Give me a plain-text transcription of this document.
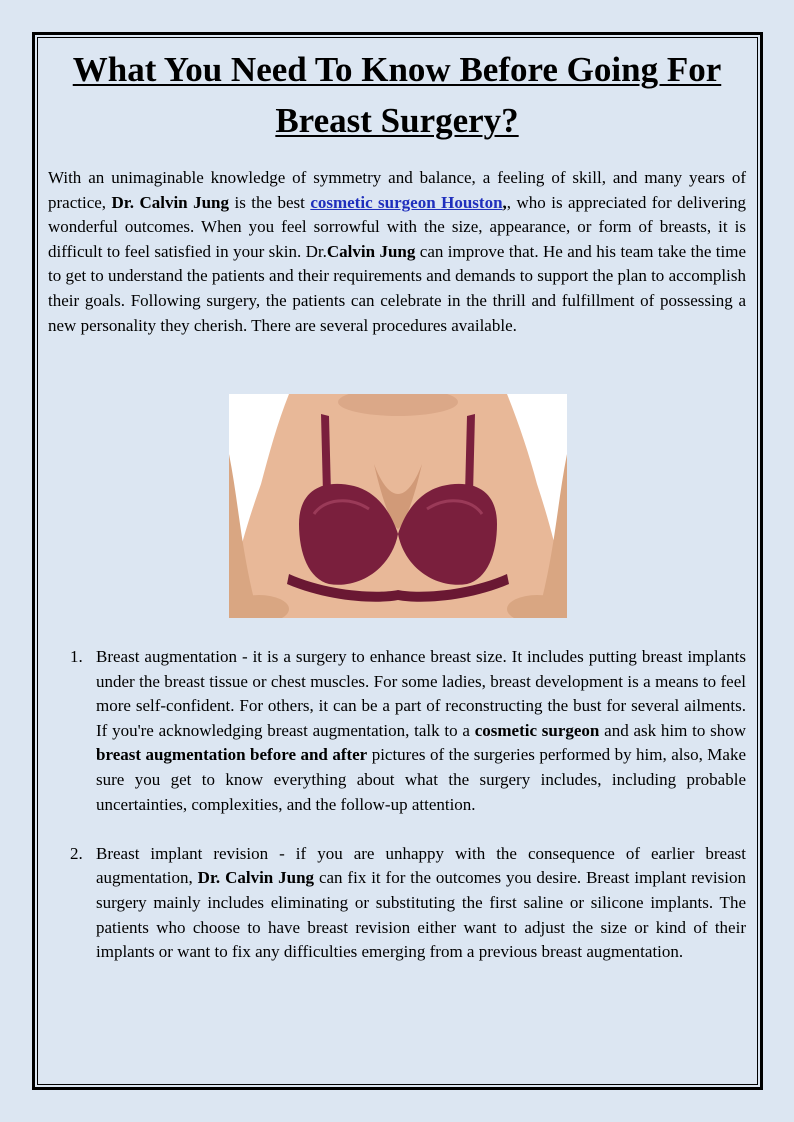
What You Need To Know Before Going For Breast Surgery?
With an unimaginable knowledge of symmetry and balance, a feeling of skill, and many years of practice, Dr. Calvin Jung is the best cosmetic surgeon Houston,, who is appreciated for delivering wonderful outcomes. When you feel sorrowful with the size, appearance, or form of breasts, it is difficult to feel satisfied in your skin. Dr.Calvin Jung can improve that. He and his team take the time to get to understand the patients and their requirements and demands to support the plan to accomplish their goals. Following surgery, the patients can celebrate in the thrill and fulfillment of possessing a new personality they cherish. There are several procedures available.
1. Breast augmentation - it is a surgery to enhance breast size. It includes putting breast implants under the breast tissue or chest muscles. For some ladies, breast development is a means to feel more self-confident. For others, it can be a part of reconstructing the bust for several ailments. If you're acknowledging breast augmentation, talk to a cosmetic surgeon and ask him to show breast augmentation before and after pictures of the surgeries performed by him, also, Make sure you get to know everything about what the surgery includes, including probable uncertainties, complexities, and the follow-up attention.
2. Breast implant revision - if you are unhappy with the consequence of earlier breast augmentation, Dr. Calvin Jung can fix it for the outcomes you desire. Breast implant revision surgery mainly includes eliminating or substituting the first saline or silicone implants. The patients who choose to have breast revision either want to adjust the size or kind of their implants or want to fix any difficulties emerging from a previous breast augmentation.
